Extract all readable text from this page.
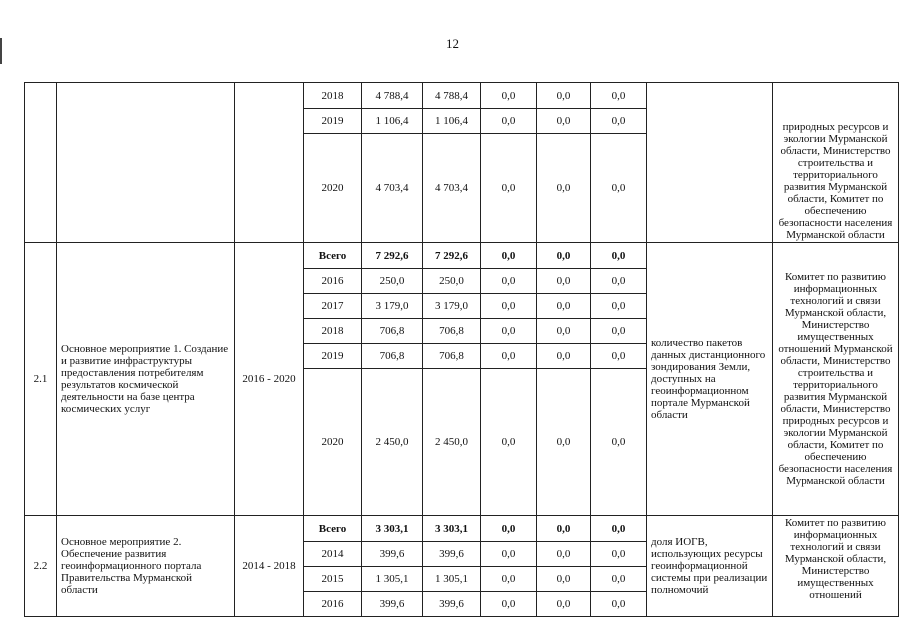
12
			2018	4 788,4	4 788,4	0,0	0,0	0,0		природных ресурсов и экологии Мурманской области, Министерство строительства и территориального развития Мурманской области, Комитет по обеспечению безопасности населения Мурманской области
			2019	1 106,4	1 106,4	0,0	0,0	0,0		
			2020	4 703,4	4 703,4	0,0	0,0	0,0		
2.1	Основное мероприятие 1. Создание и развитие инфраструктуры предоставления потребителям результатов космической деятельности на базе центра космических услуг	2016 - 2020	Всего	7 292,6	7 292,6	0,0	0,0	0,0	количество пакетов данных дистанционного зондирования Земли, доступных на геоинформационном портале Мурманской области	Комитет по развитию информационных технологий и связи Мурманской области, Министерство имущественных отношений Мурманской области, Министерство строительства и территориального развития Мурманской области, Министерство природных ресурсов и экологии Мурманской области, Комитет по обеспечению безопасности населения Мурманской области
			2016	250,0	250,0	0,0	0,0	0,0		
			2017	3 179,0	3 179,0	0,0	0,0	0,0		
			2018	706,8	706,8	0,0	0,0	0,0		
			2019	706,8	706,8	0,0	0,0	0,0		
			2020	2 450,0	2 450,0	0,0	0,0	0,0		
2.2	Основное мероприятие 2. Обеспечение развития геоинформационного портала Правительства Мурманской области	2014 - 2018	Всего	3 303,1	3 303,1	0,0	0,0	0,0	доля ИОГВ, использующих ресурсы геоинформационной системы при реализации полномочий	Комитет по развитию информационных технологий и связи Мурманской области, Министерство имущественных отношений
			2014	399,6	399,6	0,0	0,0	0,0		
			2015	1 305,1	1 305,1	0,0	0,0	0,0		
			2016	399,6	399,6	0,0	0,0	0,0		
